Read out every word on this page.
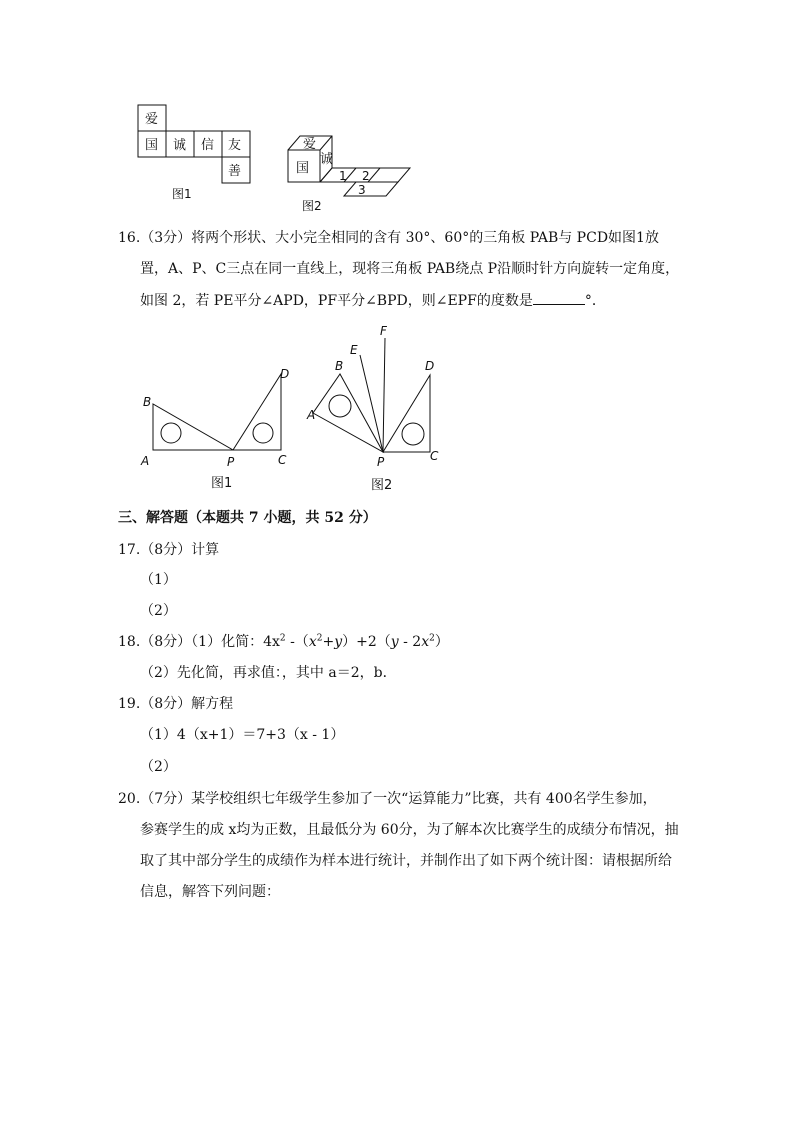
爱
国 诚 信 友
善
爱
国
诚
1 2
3
图1
图2
16.（3分）将两个形状、大小完全相同的含有 30°、60°的三角板 PAB与 PCD如图1放
置，A、P、C三点在同一直线上，现将三角板 PAB绕点 P沿顺时针方向旋转一定角度，
如图 2，若 PE平分∠APD，PF平分∠BPD，则∠EPF的度数是	°．
B
A	P	C
D
A
B
E
F
D
P	C
图1	图2
三、解答题（本题共 7 小题，共 52 分）
17.（8分）计算
（1）
（2）
18.（8分）（1）化简：$4x^2$ $-(x^2+y)+2(y - 2x^2)$
（2）先化简，再求值：，其中 a＝2，b．
19.（8分）解方程
（1）4（x+1）＝7+3（x - 1）
（2）
20.（7分）某学校组织七年级学生参加了一次“运算能力”比赛，共有 400名学生参加，
参赛学生的成 x均为正数，且最低分为 60分，为了解本次比赛学生的成绩分布情况，抽
取了其中部分学生的成绩作为样本进行统计，并制作出了如下两个统计图：请根据所给
信息，解答下列问题：
